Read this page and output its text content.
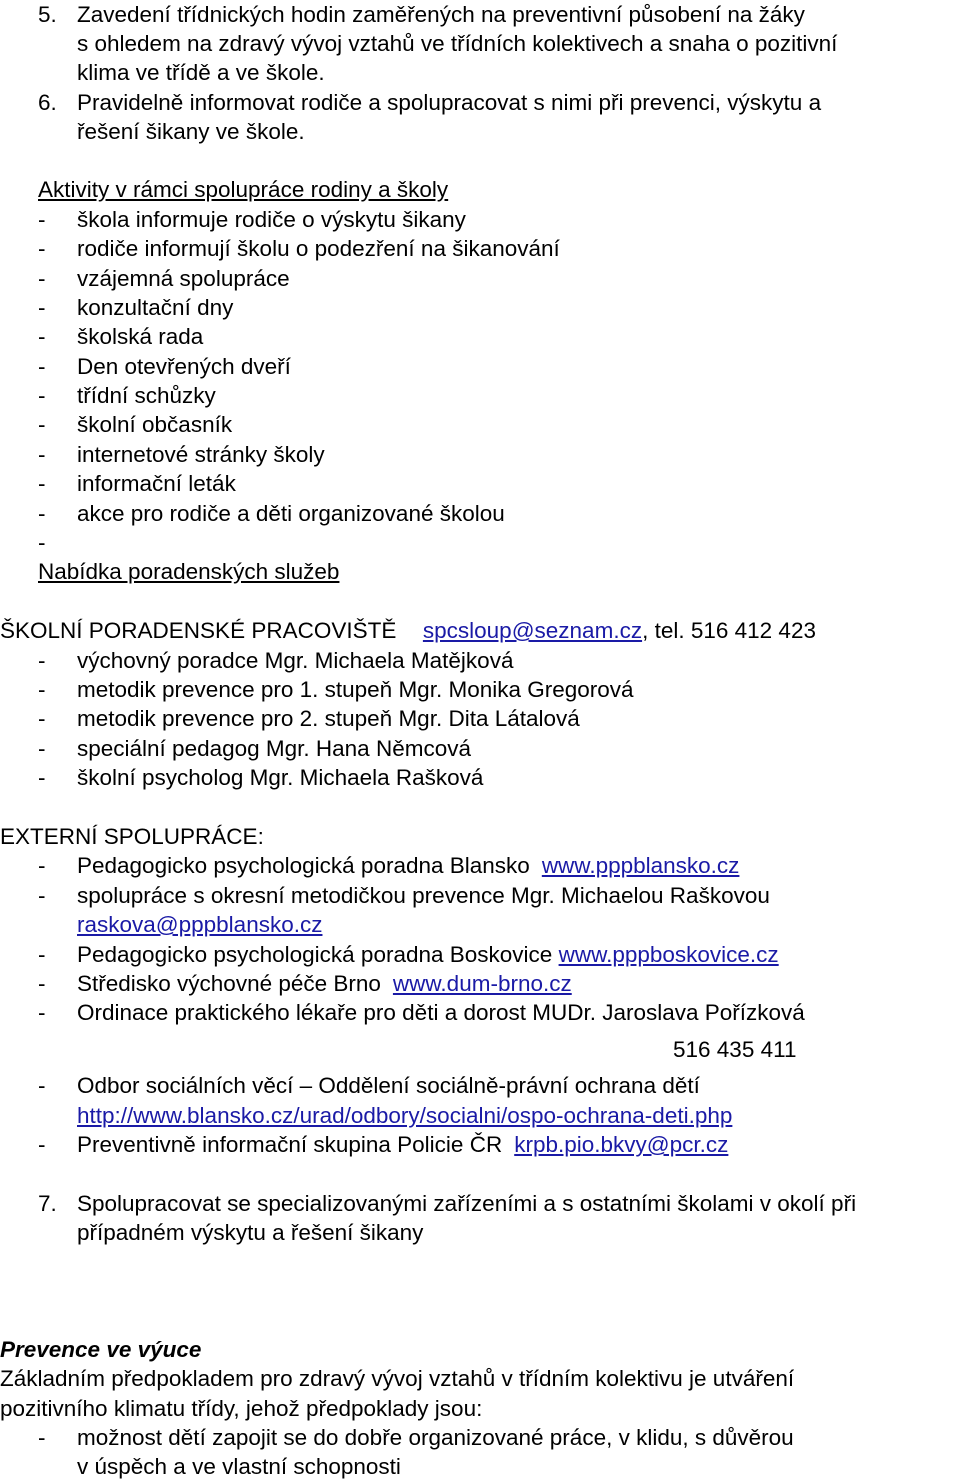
5. Zavedení třídnických hodin zaměřených na preventivní působení na žáky
s ohledem na zdravý vývoj vztahů ve třídních kolektivech a snaha o pozitivní
klima ve třídě a ve škole.
6. Pravidelně informovat rodiče a spolupracovat s nimi při prevenci, výskytu a
řešení šikany ve škole.
Aktivity v rámci spolupráce rodiny a školy
- škola informuje rodiče o výskytu šikany
- rodiče informují školu o podezření na šikanování
- vzájemná spolupráce
- konzultační dny
- školská rada
- Den otevřených dveří
- třídní schůzky
- školní občasník
- internetové stránky školy
- informační leták
- akce pro rodiče a děti organizované školou
-
Nabídka poradenských služeb
ŠKOLNÍ PORADENSKÉ PRACOVIŠTĚ spcsloup@seznam.cz, tel. 516 412 423
- výchovný poradce Mgr. Michaela Matějková
- metodik prevence pro 1. stupeň Mgr. Monika Gregorová
- metodik prevence pro 2. stupeň Mgr. Dita Látalová
- speciální pedagog Mgr. Hana Němcová
- školní psycholog Mgr. Michaela Rašková
EXTERNÍ SPOLUPRÁCE:
- Pedagogicko psychologická poradna Blansko www.pppblansko.cz
- spolupráce s okresní metodičkou prevence Mgr. Michaelou Raškovou
raskova@pppblansko.cz
- Pedagogicko psychologická poradna Boskovice www.pppboskovice.cz
- Středisko výchovné péče Brno www.dum-brno.cz
- Ordinace praktického lékaře pro děti a dorost MUDr. Jaroslava Pořízková
516 435 411
- Odbor sociálních věcí – Oddělení sociálně-právní ochrana dětí
http://www.blansko.cz/urad/odbory/socialni/ospo-ochrana-deti.php
- Preventivně informační skupina Policie ČR krpb.pio.bkvy@pcr.cz
7. Spolupracovat se specializovanými zařízeními a s ostatními školami v okolí při
případném výskytu a řešení šikany
Prevence ve výuce
Základním předpokladem pro zdravý vývoj vztahů v třídním kolektivu je utváření
pozitivního klimatu třídy, jehož předpoklady jsou:
- možnost dětí zapojit se do dobře organizované práce, v klidu, s důvěrou
v úspěch a ve vlastní schopnosti
